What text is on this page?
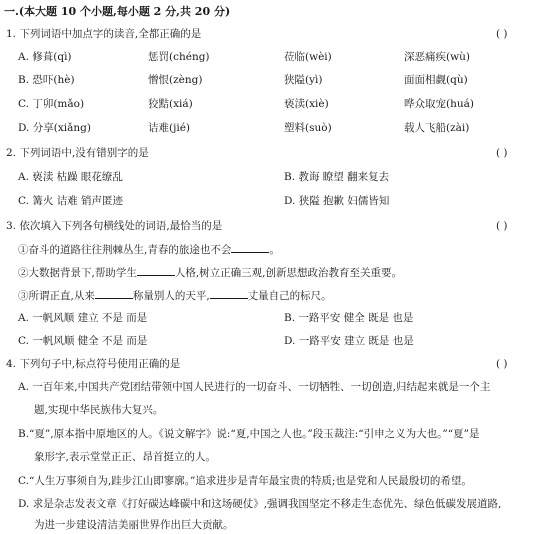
一.(本大题 10 个小题,每小题 2 分,共 20 分)
1. 下列词语中加点字的读音,全都正确的是	( )
A. 修葺(qì)	惩罚(chéng)	莅临(wèi)	深恶痛疾(wù)
B. 恐吓(hè)	憎恨(zèng)	狭隘(yì)	面面相觑(qù)
C. 丁卯(mǎo)	狡黠(xiá)	亵渎(xiè)	哗众取宠(huá)
D. 分享(xiǎng)	诘难(jié)	塑料(suò)	载人飞船(zài)
2. 下列词语中,没有错别字的是	( )
A. 亵渎 枯躁 眼花缭乱	B. 教诲 瞭望 翻来复去
C. 篝火 诘难 销声匿迹	D. 狭隘 抱歉 妇儒皆知
3. 依次填入下列各句横线处的词语,最恰当的是	( )
①奋斗的道路往往荆棘丛生,青春的旅途也不会	。
②大数据背景下,帮助学生	人格,树立正确三观,创新思想政治教育至关重要。
③所谓正直,从来	称量别人的天平,	丈量自己的标尺。
A. 一帆风顺 建立 不是 而是	B. 一路平安 健全 既是 也是
C. 一帆风顺 健全 不是 而是	D. 一路平安 建立 既是 也是
4. 下列句子中,标点符号使用正确的是	( )
A. 一百年来,中国共产党团结带领中国人民进行的一切奋斗、一切牺牲、一切创造,归结起来就是一个主
题,实现中华民族伟大复兴。
B.“夏”,原本指中原地区的人。《说文解字》说:“夏,中国之人也。”段玉裁注:“引申之义为大也。”“夏”是
象形字,表示堂堂正正、昂首挺立的人。
C.“人生万事须自为,跬步江山即寥廓。”追求进步是青年最宝贵的特质;也是党和人民最殷切的希望。
D. 求是杂志发表文章《打好碳达峰碳中和这场硬仗》,强调我国坚定不移走生态优先、绿色低碳发展道路,
为进一步建设清洁美丽世界作出巨大贡献。
